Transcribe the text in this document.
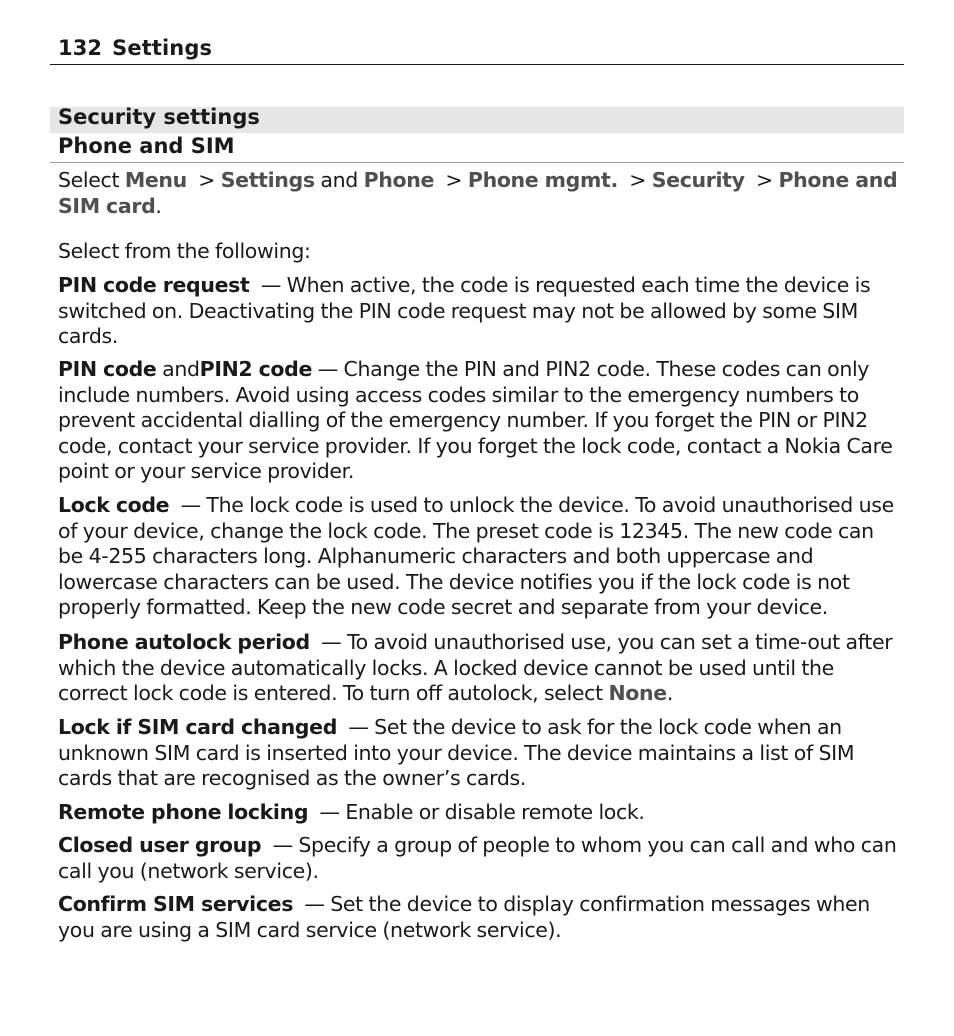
132 Settings
Security settings
Phone and SIM
Select Menu > Settings and Phone > Phone mgmt. > Security > Phone and SIM card.
Select from the following:
PIN code request — When active, the code is requested each time the device is switched on. Deactivating the PIN code request may not be allowed by some SIM cards.
PIN code andPIN2 code — Change the PIN and PIN2 code. These codes can only include numbers. Avoid using access codes similar to the emergency numbers to prevent accidental dialling of the emergency number. If you forget the PIN or PIN2 code, contact your service provider. If you forget the lock code, contact a Nokia Care point or your service provider.
Lock code — The lock code is used to unlock the device. To avoid unauthorised use of your device, change the lock code. The preset code is 12345. The new code can be 4-255 characters long. Alphanumeric characters and both uppercase and lowercase characters can be used. The device notifies you if the lock code is not properly formatted. Keep the new code secret and separate from your device.
Phone autolock period — To avoid unauthorised use, you can set a time-out after which the device automatically locks. A locked device cannot be used until the correct lock code is entered. To turn off autolock, select None.
Lock if SIM card changed — Set the device to ask for the lock code when an unknown SIM card is inserted into your device. The device maintains a list of SIM cards that are recognised as the owner’s cards.
Remote phone locking — Enable or disable remote lock.
Closed user group — Specify a group of people to whom you can call and who can call you (network service).
Confirm SIM services — Set the device to display confirmation messages when you are using a SIM card service (network service).
